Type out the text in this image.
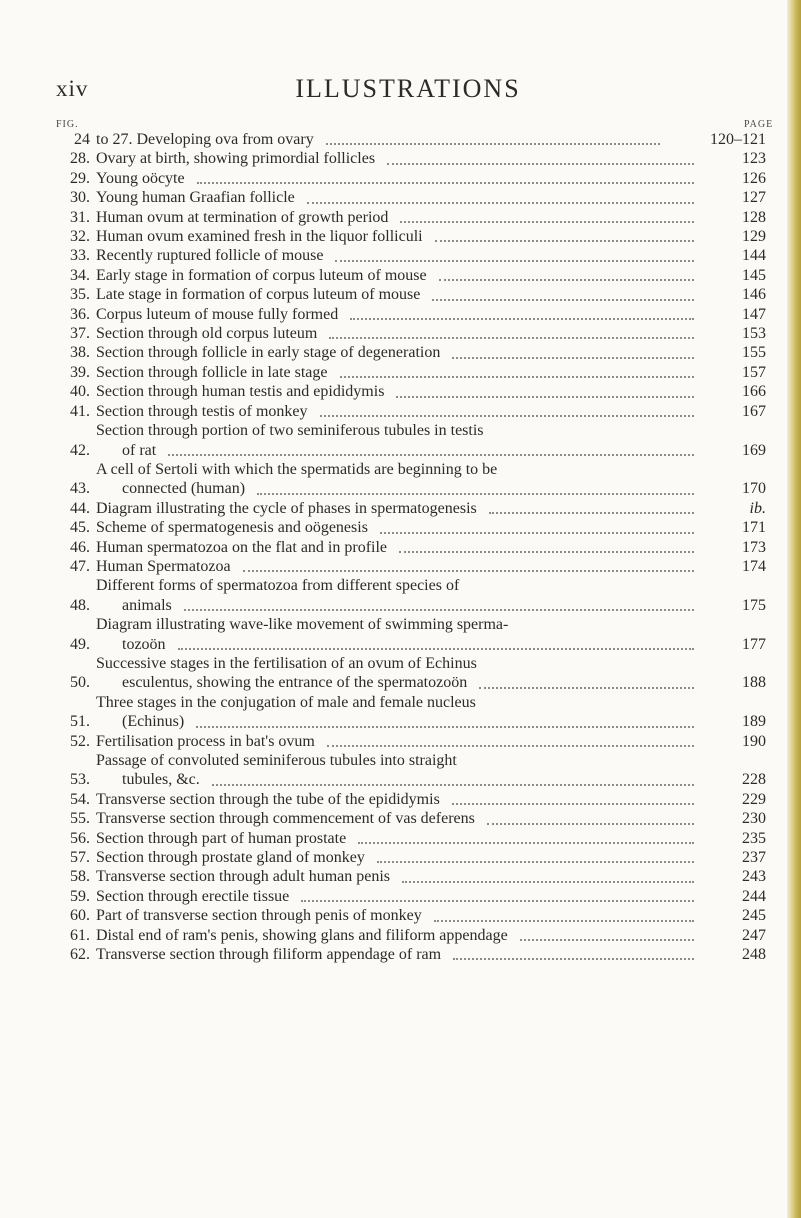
xiv	ILLUSTRATIONS
FIG.	PAGE
24 to 27. Developing ova from ovary	120–121
28. Ovary at birth, showing primordial follicles	123
29. Young oöcyte	126
30. Young human Graafian follicle	127
31. Human ovum at termination of growth period	128
32. Human ovum examined fresh in the liquor folliculi	129
33. Recently ruptured follicle of mouse	144
34. Early stage in formation of corpus luteum of mouse	145
35. Late stage in formation of corpus luteum of mouse	146
36. Corpus luteum of mouse fully formed	147
37. Section through old corpus luteum	153
38. Section through follicle in early stage of degeneration	155
39. Section through follicle in late stage	157
40. Section through human testis and epididymis	166
41. Section through testis of monkey	167
42.
Section through portion of two seminiferous tubules in testis
of rat	169
43.
A cell of Sertoli with which the spermatids are beginning to be
connected (human)	170
44. Diagram illustrating the cycle of phases in spermatogenesis	ib.
45. Scheme of spermatogenesis and oögenesis	171
46. Human spermatozoa on the flat and in profile	173
47. Human Spermatozoa	174
48.
Different forms of spermatozoa from different species of
animals	175
49.
Diagram illustrating wave-like movement of swimming sperma-
tozoön	177
50.
Successive stages in the fertilisation of an ovum of Echinus
esculentus, showing the entrance of the spermatozoön	188
51.
Three stages in the conjugation of male and female nucleus
(Echinus)	189
52. Fertilisation process in bat's ovum	190
53.
Passage of convoluted seminiferous tubules into straight
tubules, &c.	228
54. Transverse section through the tube of the epididymis	229
55. Transverse section through commencement of vas deferens	230
56. Section through part of human prostate	235
57. Section through prostate gland of monkey	237
58. Transverse section through adult human penis	243
59. Section through erectile tissue	244
60. Part of transverse section through penis of monkey	245
61. Distal end of ram's penis, showing glans and filiform appendage	247
62. Transverse section through filiform appendage of ram	248
